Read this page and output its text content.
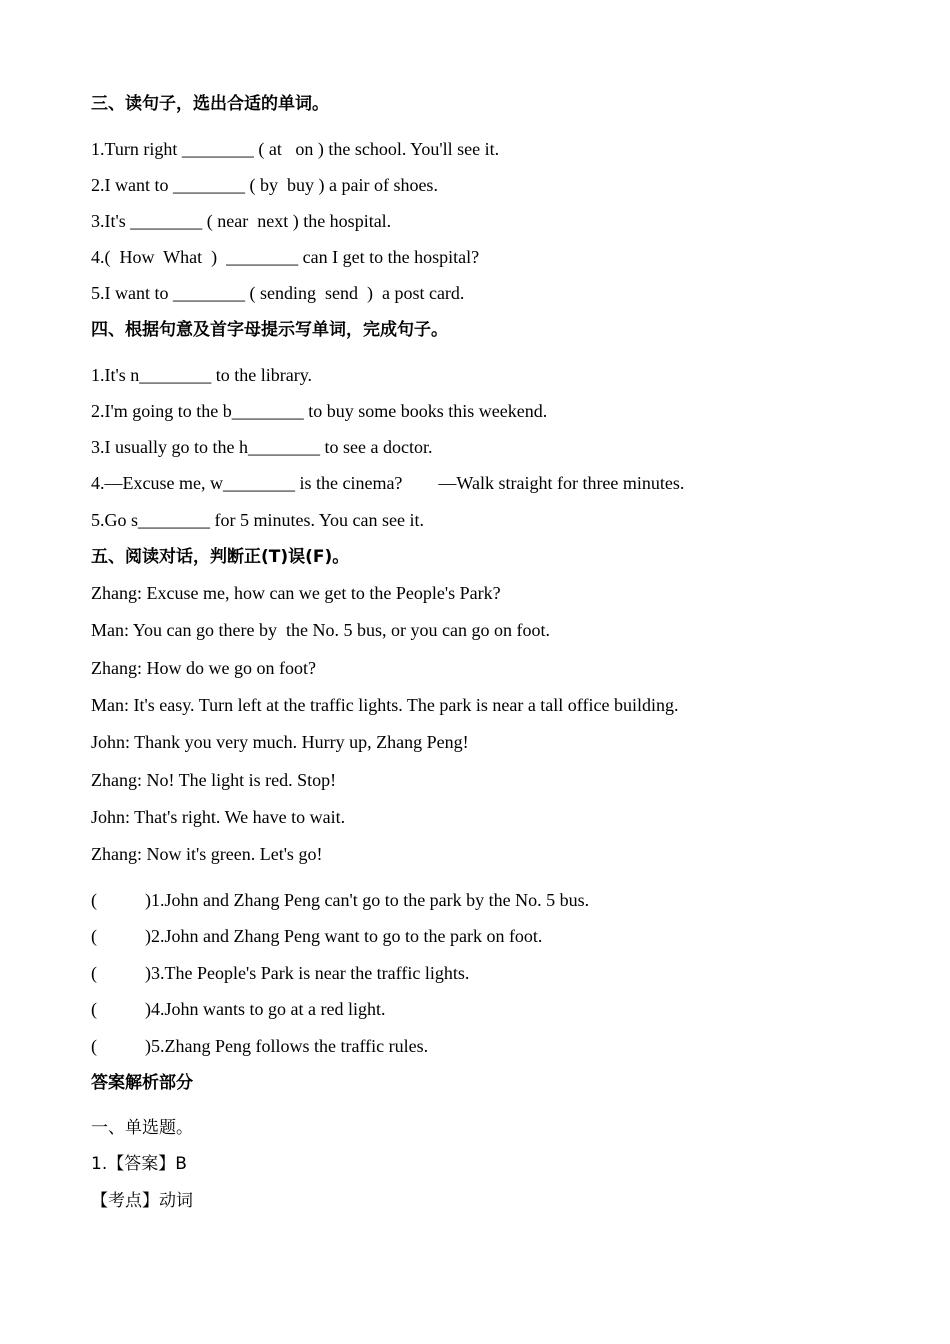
三、读句子，选出合适的单词。
1.Turn right ________ ( at   on ) the school. You'll see it.
2.I want to ________ ( by  buy ) a pair of shoes.
3.It's ________ ( near  next ) the hospital.
4.(  How  What  )  ________ can I get to the hospital?
5.I want to ________ ( sending  send  )  a post card.
四、根据句意及首字母提示写单词，完成句子。
1.It's n________ to the library.
2.I'm going to the b________ to buy some books this weekend.
3.I usually go to the h________ to see a doctor.
4.—Excuse me, w________ is the cinema?        —Walk straight for three minutes.
5.Go s________ for 5 minutes. You can see it.
五、阅读对话，判断正(T)误(F)。
Zhang: Excuse me, how can we get to the People's Park?
Man: You can go there by  the No. 5 bus, or you can go on foot.
Zhang: How do we go on foot?
Man: It's easy. Turn left at the traffic lights. The park is near a tall office building.
John: Thank you very much. Hurry up, Zhang Peng!
Zhang: No! The light is red. Stop!
John: That's right. We have to wait.
Zhang: Now it's green. Let's go!
(	)1.John and Zhang Peng can't go to the park by the No. 5 bus.
(	)2.John and Zhang Peng want to go to the park on foot.
(	)3.The People's Park is near the traffic lights.
(	)4.John wants to go at a red light.
(	)5.Zhang Peng follows the traffic rules.
答案解析部分
一、单选题。
1.【答案】B
【考点】动词
